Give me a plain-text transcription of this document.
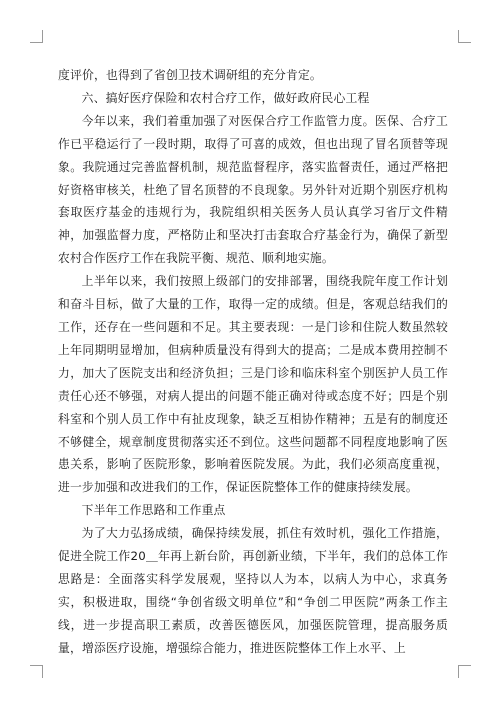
度评价，也得到了省创卫技术调研组的充分肯定。

六、搞好医疗保险和农村合疗工作，做好政府民心工程

今年以来，我们着重加强了对医保合疗工作监管力度。医保、合疗工作已平稳运行了一段时期，取得了可喜的成效，但也出现了冒名顶替等现象。我院通过完善监督机制，规范监督程序，落实监督责任，通过严格把好资格审核关，杜绝了冒名顶替的不良现象。另外针对近期个别医疗机构套取医疗基金的违规行为，我院组织相关医务人员认真学习省厅文件精神，加强监督力度，严格防止和坚决打击套取合疗基金行为，确保了新型农村合作医疗工作在我院平衡、规范、顺利地实施。

上半年以来，我们按照上级部门的安排部署，围绕我院年度工作计划和奋斗目标，做了大量的工作，取得一定的成绩。但是，客观总结我们的工作，还存在一些问题和不足。其主要表现：一是门诊和住院人数虽然较上年同期明显增加，但病种质量没有得到大的提高；二是成本费用控制不力，加大了医院支出和经济负担；三是门诊和临床科室个别医护人员工作责任心还不够强，对病人提出的问题不能正确对待或态度不好；四是个别科室和个别人员工作中有扯皮现象，缺乏互相协作精神；五是有的制度还不够健全，规章制度贯彻落实还不到位。这些问题都不同程度地影响了医患关系，影响了医院形象，影响着医院发展。为此，我们必须高度重视，进一步加强和改进我们的工作，保证医院整体工作的健康持续发展。

下半年工作思路和工作重点

为了大力弘扬成绩，确保持续发展，抓住有效时机，强化工作措施，促进全院工作20＿年再上新台阶，再创新业绩，下半年，我们的总体工作思路是：全面落实科学发展观，坚持以人为本，以病人为中心，求真务实，积极进取，围绕“争创省级文明单位”和“争创二甲医院”两条工作主线，进一步提高职工素质，改善医德医风，加强医院管理，提高服务质量，增添医疗设施，增强综合能力，推进医院整体工作上水平、上
